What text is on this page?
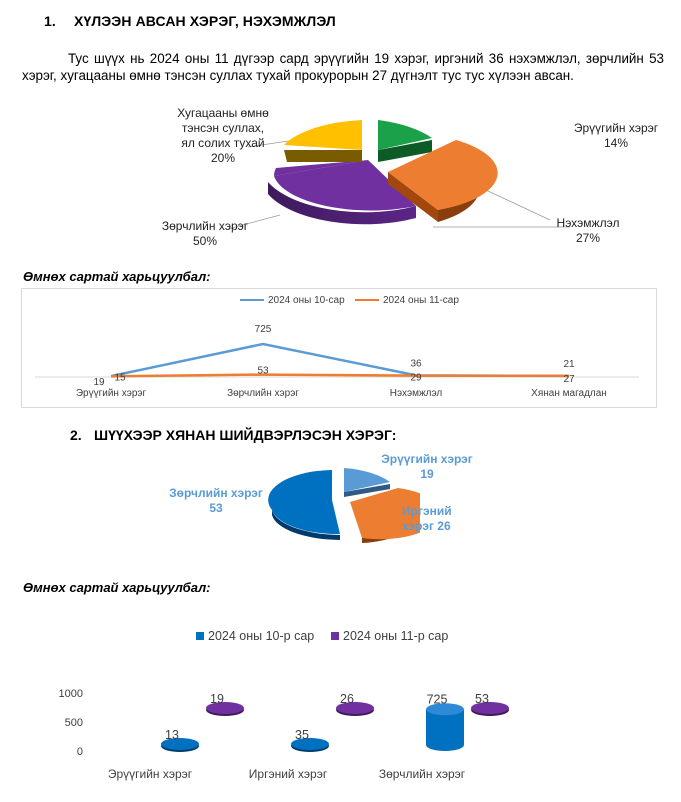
1. ХҮЛЭЭН АВСАН ХЭРЭГ, НЭХЭМЖЛЭЛ
Тус шүүх нь 2024 оны 11 дүгээр сард эрүүгийн 19 хэрэг, иргэний 36 нэхэмжлэл, зөрчлийн 53 хэрэг, хугацааны өмнө тэнсэн суллах тухай прокурорын 27 дүгнэлт тус тус хүлээн авсан.
Хугацааны өмнө
тэнсэн суллах,
ял солих тухай
20%
Эрүүгийн хэрэг
14%
Нэхэмжлэл
27%
Зөрчлийн хэрэг
50%
Өмнөх сартай харьцуулбал:
19
725
36	21
15
53
29	27
Эрүүгийн хэрэг	Зөрчлийн хэрэг	Нэхэмжлэл	Хянан магадлан
2024 оны 10-сар	2024 оны 11-сар
2. ШҮҮХЭЭР ХЯНАН ШИЙДВЭРЛЭСЭН ХЭРЭГ:
Эрүүгийн хэрэг
19
Иргэний
хэрэг 26
Зөрчлийн хэрэг
53
Өмнөх сартай харьцуулбал:
2024 оны 10-р сар	2024 оны 11-р сар
1000
500
0
13	35
725
19	26	53
Эрүүгийн хэрэг	Иргэний хэрэг	Зөрчлийн хэрэг
